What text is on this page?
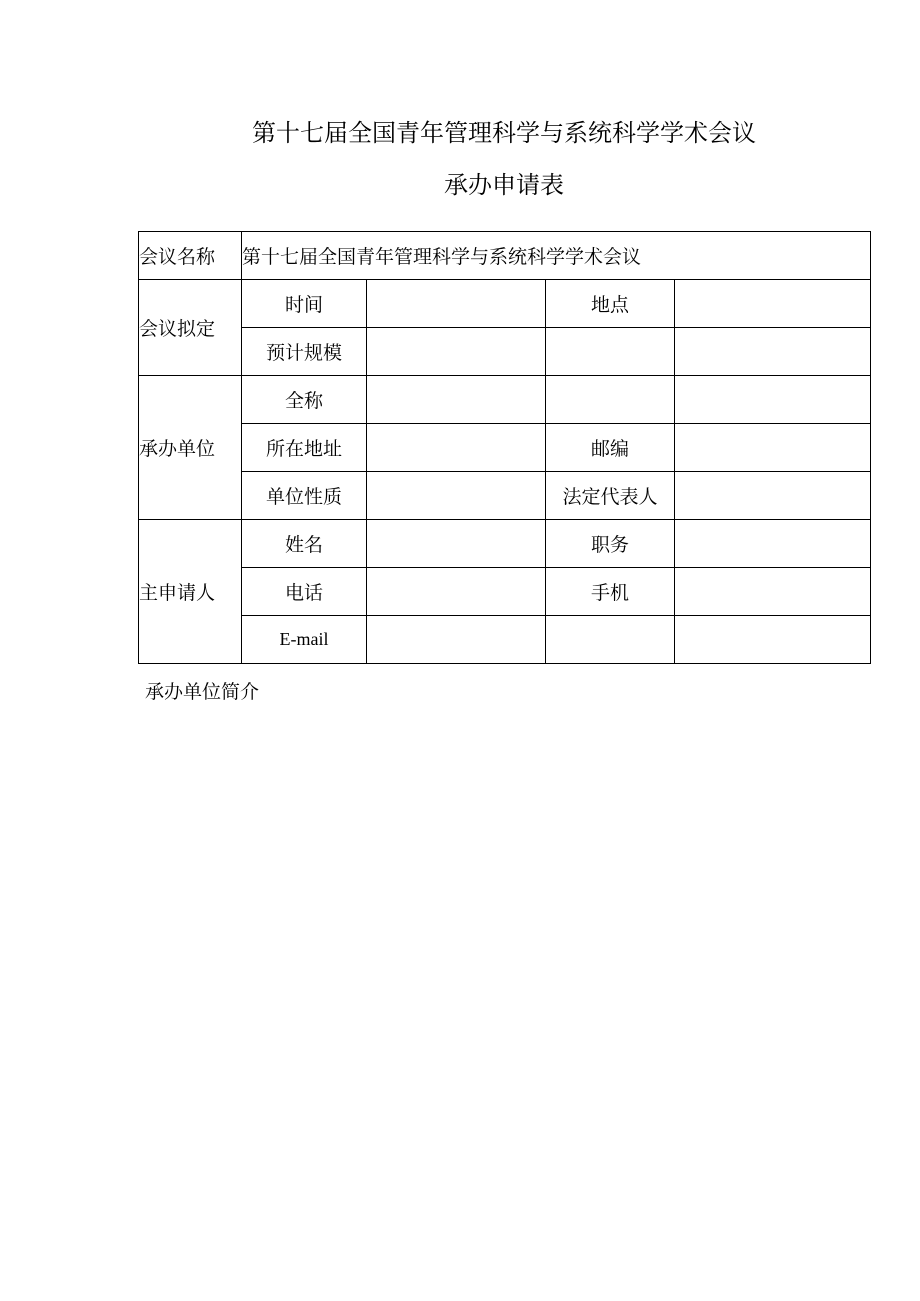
第十七届全国青年管理科学与系统科学学术会议
承办申请表
会议名称	第十七届全国青年管理科学与系统科学学术会议			
会议拟定	时间		地点	
	预计规模			
承办单位	全称			
	所在地址		邮编	
	单位性质		法定代表人	
主申请人	姓名		职务	
	电话		手机	
	E-mail			
承办单位简介
